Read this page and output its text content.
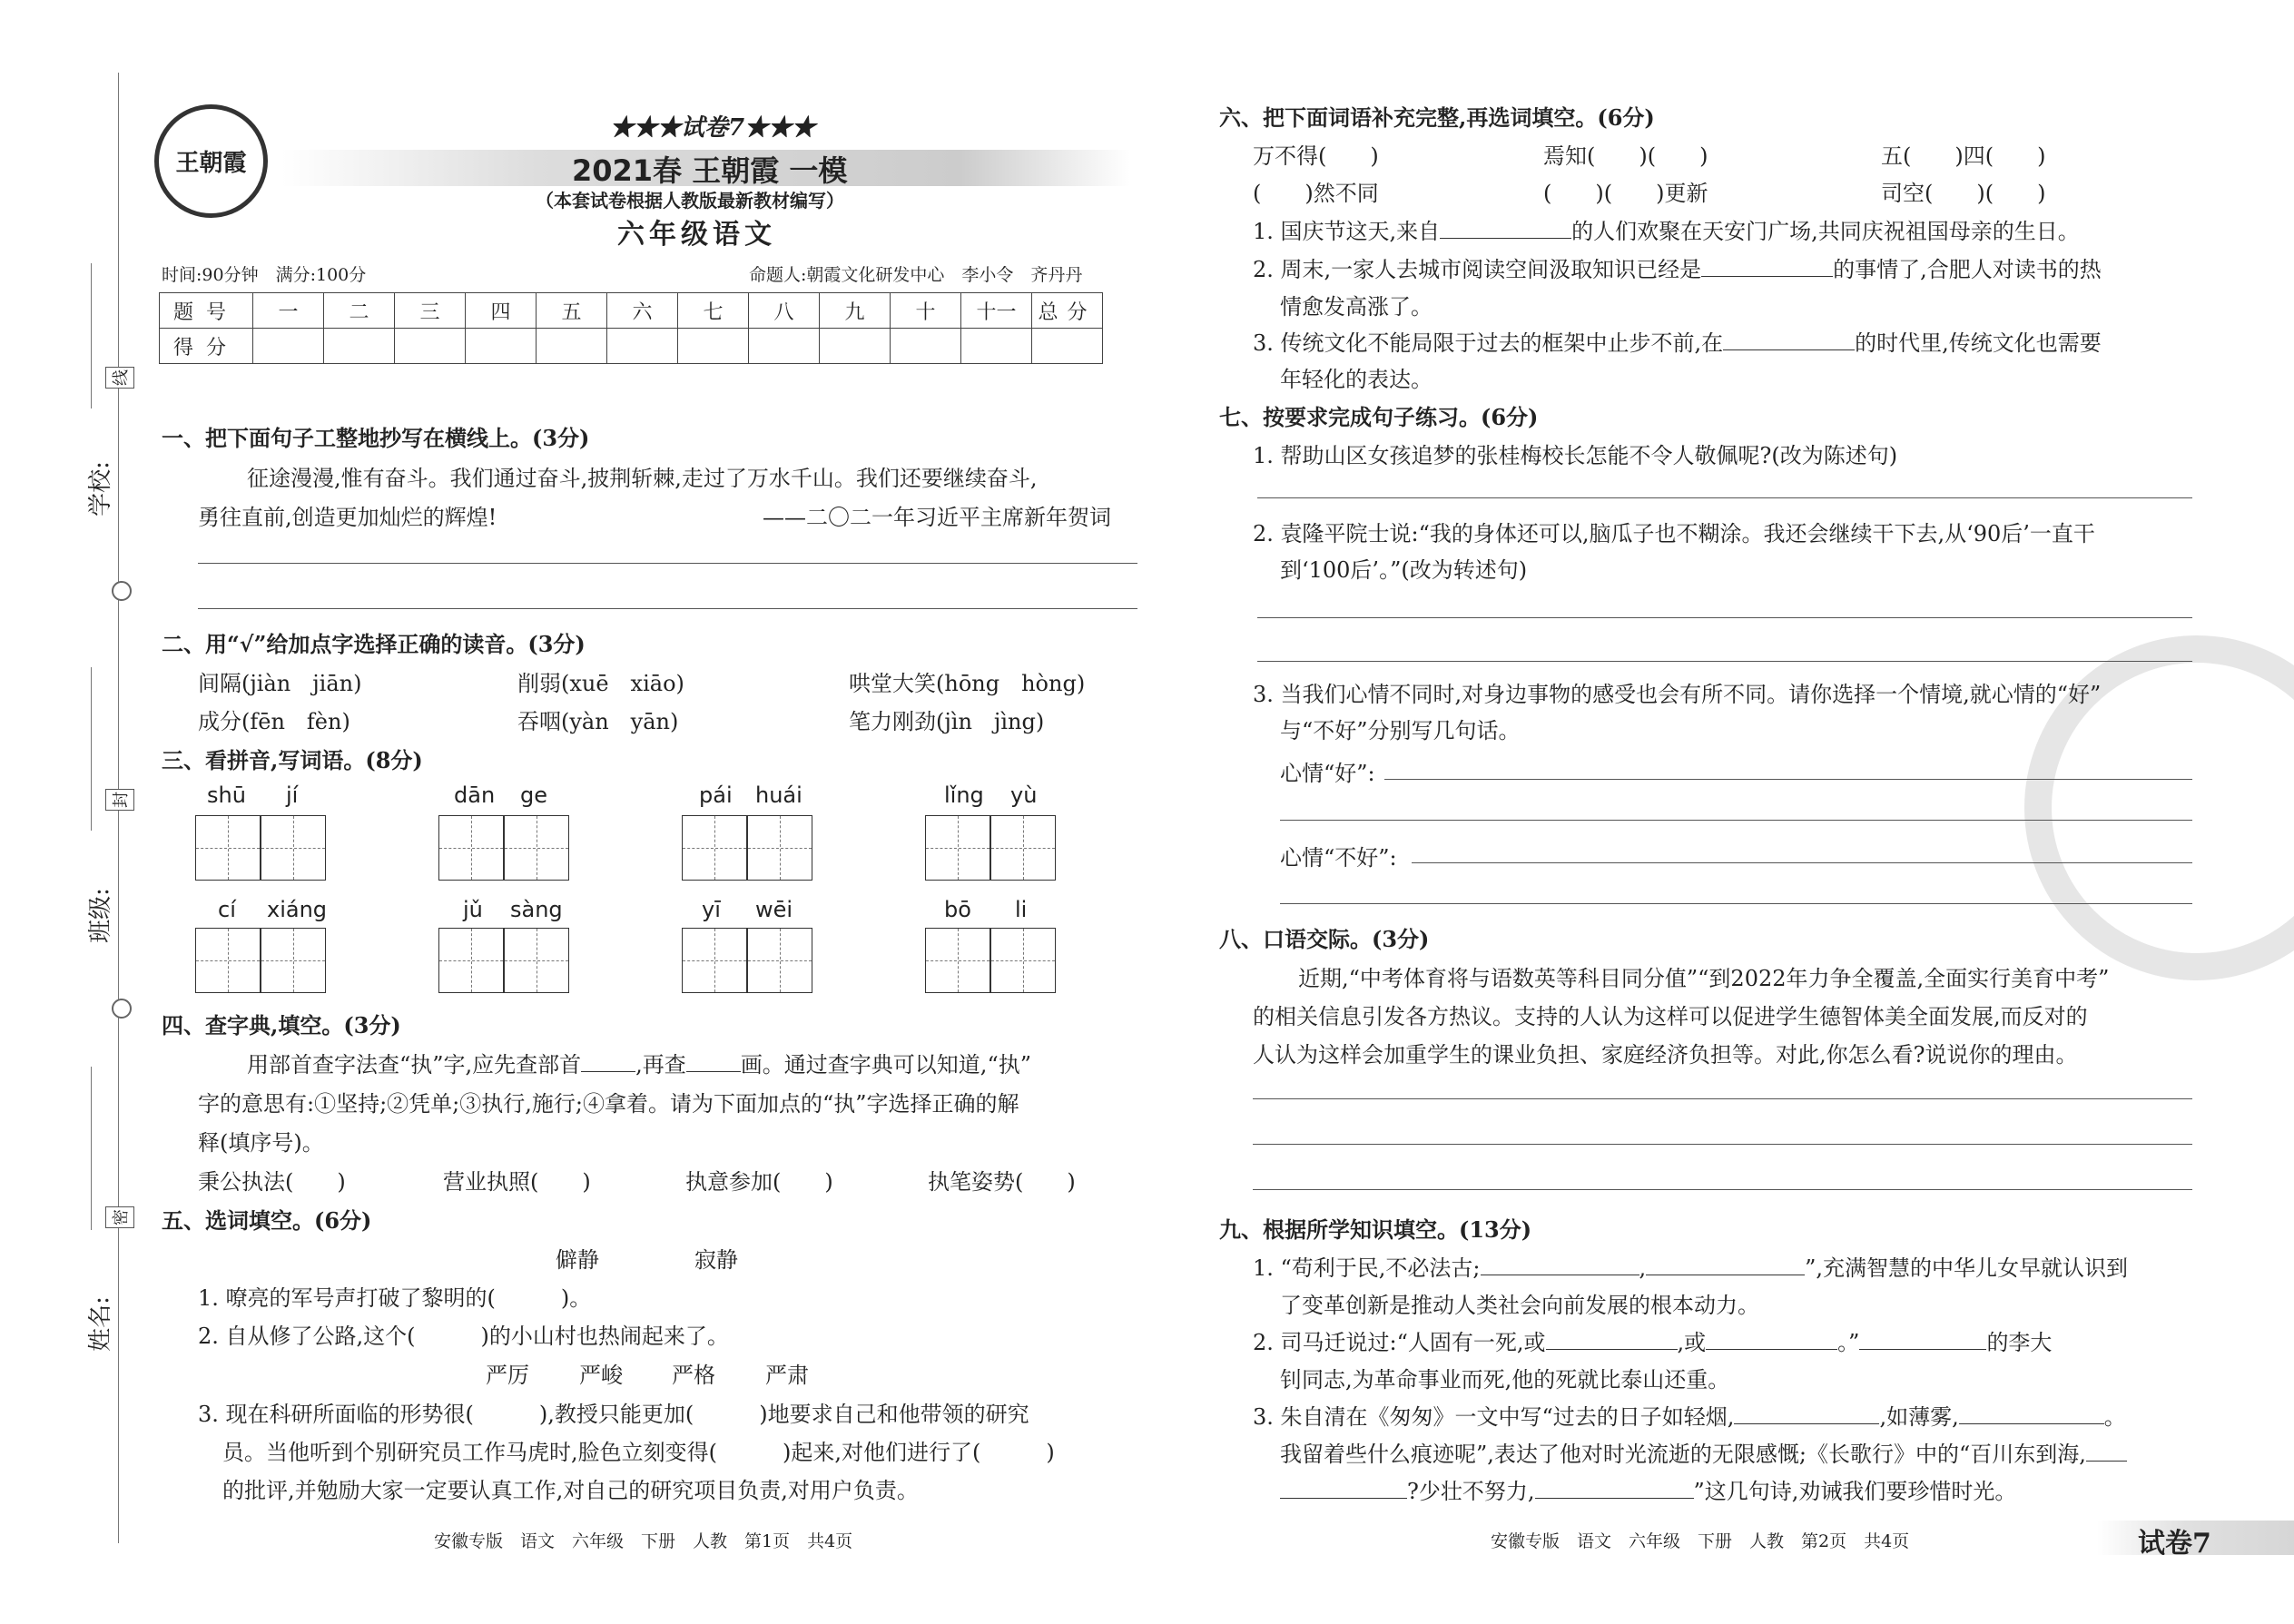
学校:
线
班级:
封
姓名:
密
王朝霞
★★★试卷7★★★
2021春 王朝霞 一模
（本套试卷根据人教版最新教材编写）
六年级语文
时间:90分钟　满分:100分	命题人:朝霞文化研发中心　李小令　齐丹丹
题号	一	二	三	四	五	六	七	八	九	十	十一	总分
得分												
一、把下面句子工整地抄写在横线上。(3分)
征途漫漫,惟有奋斗。我们通过奋斗,披荆斩棘,走过了万水千山。我们还要继续奋斗,
勇往直前,创造更加灿烂的辉煌!	——二〇二一年习近平主席新年贺词
二、用“√”给加点字选择正确的读音。(3分)
间隔(jiàn　jiān)	削弱(xuē　xiāo)	哄堂大笑(hōng　hòng)
成分(fēn　fèn)	吞咽(yàn　yān)	笔力刚劲(jìn　jìng)
三、看拼音,写词语。(8分)
shū jí	dān ge	pái huái	lǐng yù
cí xiáng	jǔ sàng	yī wēi	bō li
四、查字典,填空。(3分)
用部首查字法查“执”字,应先查部首	,再查	画。通过查字典可以知道,“执”
字的意思有:①坚持;②凭单;③执行,施行;④拿着。请为下面加点的“执”字选择正确的解
释(填序号)。
秉公执法(　　)	营业执照(　　)	执意参加(　　)	执笔姿势(　　)
五、选词填空。(6分)
僻静	寂静
1. 嘹亮的军号声打破了黎明的(　　　)。
2. 自从修了公路,这个(　　　)的小山村也热闹起来了。
严厉 严峻 严格 严肃
3. 现在科研所面临的形势很(　　　),教授只能更加(　　　)地要求自己和他带领的研究
员。当他听到个别研究员工作马虎时,脸色立刻变得(　　　)起来,对他们进行了(　　　)
的批评,并勉励大家一定要认真工作,对自己的研究项目负责,对用户负责。
安徽专版　语文　六年级　下册　人教　第1页　共4页
六、把下面词语补充完整,再选词填空。(6分)
万不得(　　)	焉知(　　)(　　)	五(　　)四(　　)
(　　)然不同	(　　)(　　)更新	司空(　　)(　　)
1. 国庆节这天,来自	的人们欢聚在天安门广场,共同庆祝祖国母亲的生日。
2. 周末,一家人去城市阅读空间汲取知识已经是	的事情了,合肥人对读书的热
情愈发高涨了。
3. 传统文化不能局限于过去的框架中止步不前,在	的时代里,传统文化也需要
年轻化的表达。
七、按要求完成句子练习。(6分)
1. 帮助山区女孩追梦的张桂梅校长怎能不令人敬佩呢?(改为陈述句)
2. 袁隆平院士说:“我的身体还可以,脑瓜子也不糊涂。我还会继续干下去,从‘90后’一直干
到‘100后’。”(改为转述句)
3. 当我们心情不同时,对身边事物的感受也会有所不同。请你选择一个情境,就心情的“好”
与“不好”分别写几句话。
心情“好”:
心情“不好”:
八、口语交际。(3分)
近期,“中考体育将与语数英等科目同分值”“到2022年力争全覆盖,全面实行美育中考”
的相关信息引发各方热议。支持的人认为这样可以促进学生德智体美全面发展,而反对的
人认为这样会加重学生的课业负担、家庭经济负担等。对此,你怎么看?说说你的理由。
九、根据所学知识填空。(13分)
1. “苟利于民,不必法古;	,	”,充满智慧的中华儿女早就认识到
了变革创新是推动人类社会向前发展的根本动力。
2. 司马迁说过:“人固有一死,或	,或	。”	的李大
钊同志,为革命事业而死,他的死就比泰山还重。
3. 朱自清在《匆匆》一文中写“过去的日子如轻烟,	,如薄雾,	。
我留着些什么痕迹呢”,表达了他对时光流逝的无限感慨;《长歌行》中的“百川东到海,
?少壮不努力,	”这几句诗,劝诫我们要珍惜时光。
安徽专版　语文　六年级　下册　人教　第2页　共4页	试卷7
